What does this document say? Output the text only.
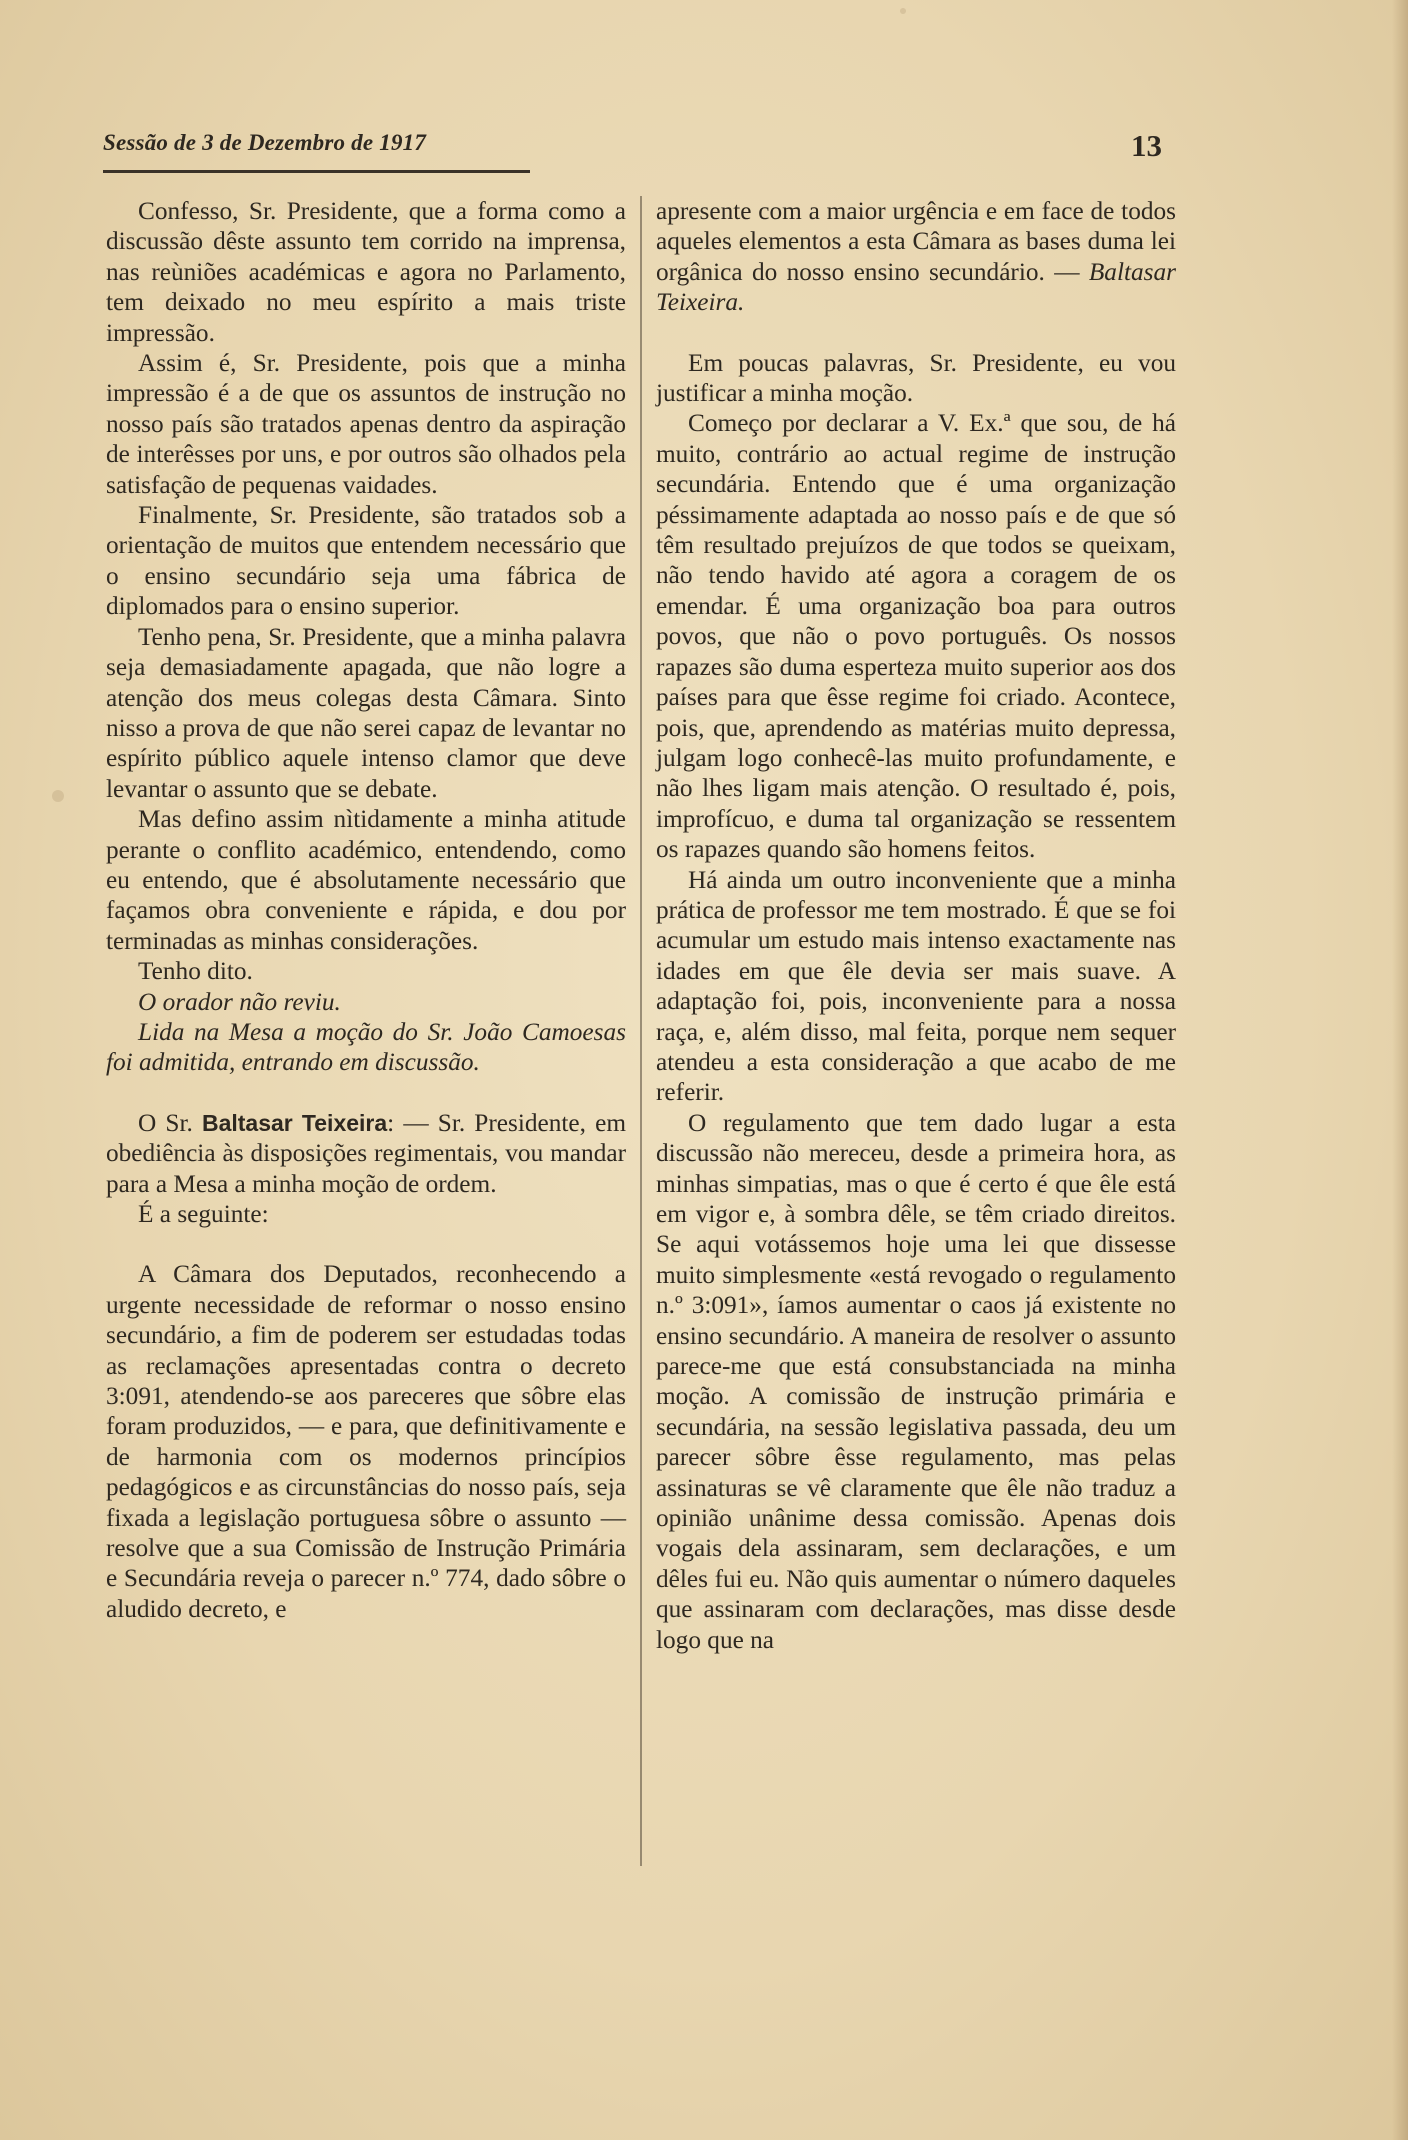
Sessão de 3 de Dezembro de 1917	13

Confesso, Sr. Presidente, que a forma como a discussão dêste assunto tem corrido na imprensa, nas reùniões académicas e agora no Parlamento, tem deixado no meu espírito a mais triste impressão.

Assim é, Sr. Presidente, pois que a minha impressão é a de que os assuntos de instrução no nosso país são tratados apenas dentro da aspiração de interêsses por uns, e por outros são olhados pela satisfação de pequenas vaidades.

Finalmente, Sr. Presidente, são tratados sob a orientação de muitos que entendem necessário que o ensino secundário seja uma fábrica de diplomados para o ensino superior.

Tenho pena, Sr. Presidente, que a minha palavra seja demasiadamente apagada, que não logre a atenção dos meus colegas desta Câmara. Sinto nisso a prova de que não serei capaz de levantar no espírito público aquele intenso clamor que deve levantar o assunto que se debate.

Mas defino assim nìtidamente a minha atitude perante o conflito académico, entendendo, como eu entendo, que é absolutamente necessário que façamos obra conveniente e rápida, e dou por terminadas as minhas considerações.

Tenho dito.

O orador não reviu.

Lida na Mesa a moção do Sr. João Camoesas foi admitida, entrando em discussão.

O Sr. Baltasar Teixeira: — Sr. Presidente, em obediência às disposições regimentais, vou mandar para a Mesa a minha moção de ordem.

É a seguinte:

A Câmara dos Deputados, reconhecendo a urgente necessidade de reformar o nosso ensino secundário, a fim de poderem ser estudadas todas as reclamações apresentadas contra o decreto 3:091, atendendo-se aos pareceres que sôbre elas foram produzidos, — e para, que definitivamente e de harmonia com os modernos princípios pedagógicos e as circunstâncias do nosso país, seja fixada a legislação portuguesa sôbre o assunto — resolve que a sua Comissão de Instrução Primária e Secundária reveja o parecer n.º 774, dado sôbre o aludido decreto, e

apresente com a maior urgência e em face de todos aqueles elementos a esta Câmara as bases duma lei orgânica do nosso ensino secundário. — Baltasar Teixeira.

Em poucas palavras, Sr. Presidente, eu vou justificar a minha moção.

Começo por declarar a V. Ex.ª que sou, de há muito, contrário ao actual regime de instrução secundária. Entendo que é uma organização péssimamente adaptada ao nosso país e de que só têm resultado prejuízos de que todos se queixam, não tendo havido até agora a coragem de os emendar. É uma organização boa para outros povos, que não o povo português. Os nossos rapazes são duma esperteza muito superior aos dos países para que êsse regime foi criado. Acontece, pois, que, aprendendo as matérias muito depressa, julgam logo conhecê-las muito profundamente, e não lhes ligam mais atenção. O resultado é, pois, improfícuo, e duma tal organização se ressentem os rapazes quando são homens feitos.

Há ainda um outro inconveniente que a minha prática de professor me tem mostrado. É que se foi acumular um estudo mais intenso exactamente nas idades em que êle devia ser mais suave. A adaptação foi, pois, inconveniente para a nossa raça, e, além disso, mal feita, porque nem sequer atendeu a esta consideração a que acabo de me referir.

O regulamento que tem dado lugar a esta discussão não mereceu, desde a primeira hora, as minhas simpatias, mas o que é certo é que êle está em vigor e, à sombra dêle, se têm criado direitos. Se aqui votássemos hoje uma lei que dissesse muito simplesmente «está revogado o regulamento n.º 3:091», íamos aumentar o caos já existente no ensino secundário. A maneira de resolver o assunto parece-me que está consubstanciada na minha moção. A comissão de instrução primária e secundária, na sessão legislativa passada, deu um parecer sôbre êsse regulamento, mas pelas assinaturas se vê claramente que êle não traduz a opinião unânime dessa comissão. Apenas dois vogais dela assinaram, sem declarações, e um dêles fui eu. Não quis aumentar o número daqueles que assinaram com declarações, mas disse desde logo que na
